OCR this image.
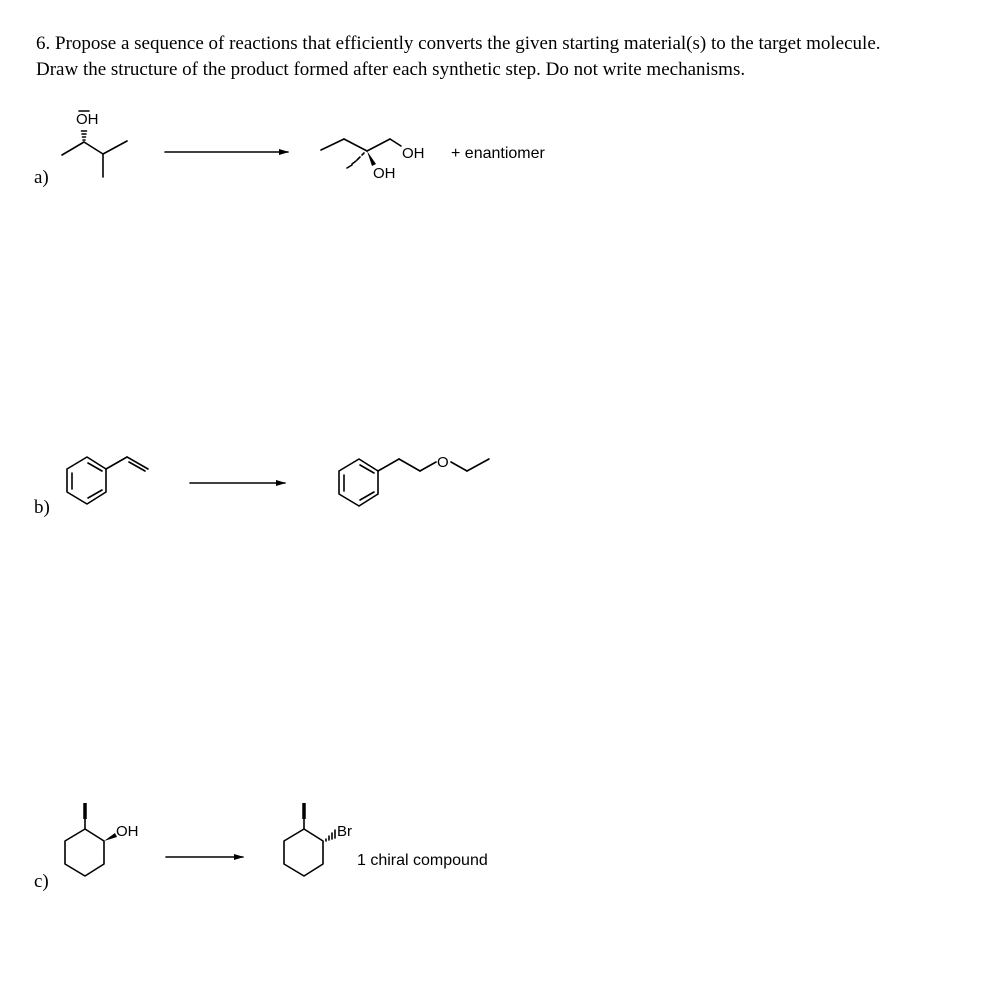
6. Propose a sequence of reactions that efficiently converts the given starting material(s) to the target molecule.
Draw the structure of the product formed after each synthetic step. Do not write mechanisms.
a)
b)
c)
OH
OH
OH
+ enantiomer
O
OH	Br
1 chiral compound
